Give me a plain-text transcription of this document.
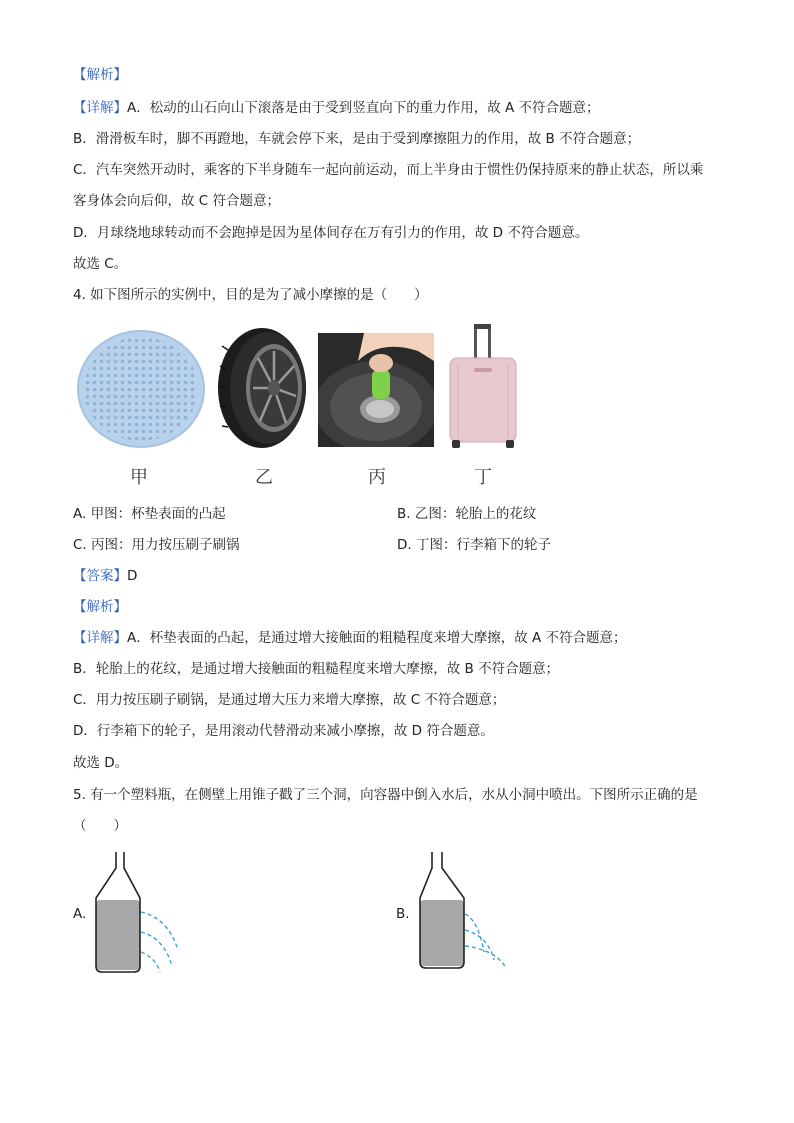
【解析】
【详解】A．松动的山石向山下滚落是由于受到竖直向下的重力作用，故 A 不符合题意；
B．滑滑板车时，脚不再蹬地，车就会停下来，是由于受到摩擦阻力的作用，故 B 不符合题意；
C．汽车突然开动时，乘客的下半身随车一起向前运动，而上半身由于惯性仍保持原来的静止状态，所以乘
客身体会向后仰，故 C 符合题意；
D．月球绕地球转动而不会跑掉是因为星体间存在万有引力的作用，故 D 不符合题意。
故选 C。
4. 如下图所示的实例中，目的是为了减小摩擦的是（　　）
甲	乙	丙	丁
A. 甲图：杯垫表面的凸起	B. 乙图：轮胎上的花纹
C. 丙图：用力按压刷子刷锅	D. 丁图：行李箱下的轮子
【答案】D
【解析】
【详解】A．杯垫表面的凸起，是通过增大接触面的粗糙程度来增大摩擦，故 A 不符合题意；
B．轮胎上的花纹，是通过增大接触面的粗糙程度来增大摩擦，故 B 不符合题意；
C．用力按压刷子刷锅，是通过增大压力来增大摩擦，故 C 不符合题意；
D．行李箱下的轮子，是用滚动代替滑动来减小摩擦，故 D 符合题意。
故选 D。
5. 有一个塑料瓶，在侧壁上用锥子戳了三个洞，向容器中倒入水后，水从小洞中喷出。下图所示正确的是
（　　）
A.	B.
